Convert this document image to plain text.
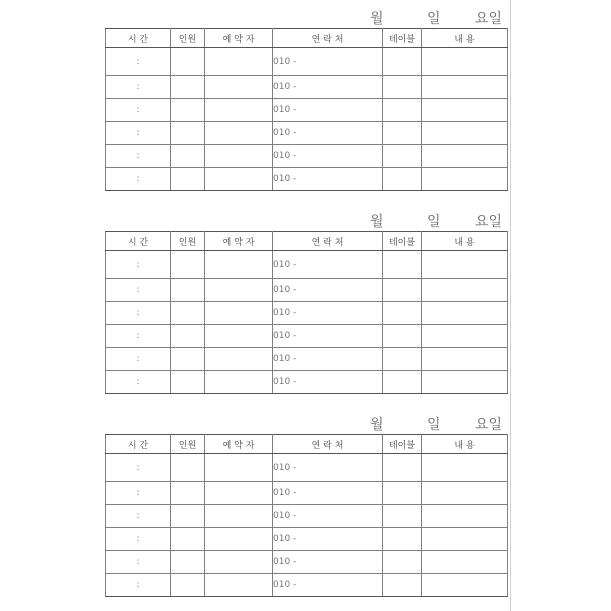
월	일 요일
시 간	인원	예 약 자	연 락 처	테이블	내 용
:			010 -		
:			010 -		
:			010 -		
:			010 -		
:			010 -		
:			010 -		
월	일 요일
시 간	인원	예 약 자	연 락 처	테이블	내 용
:			010 -		
:			010 -		
:			010 -		
:			010 -		
:			010 -		
:			010 -		
월	일 요일
시 간	인원	예 약 자	연 락 처	테이블	내 용
:			010 -		
:			010 -		
:			010 -		
:			010 -		
:			010 -		
:			010 -		
